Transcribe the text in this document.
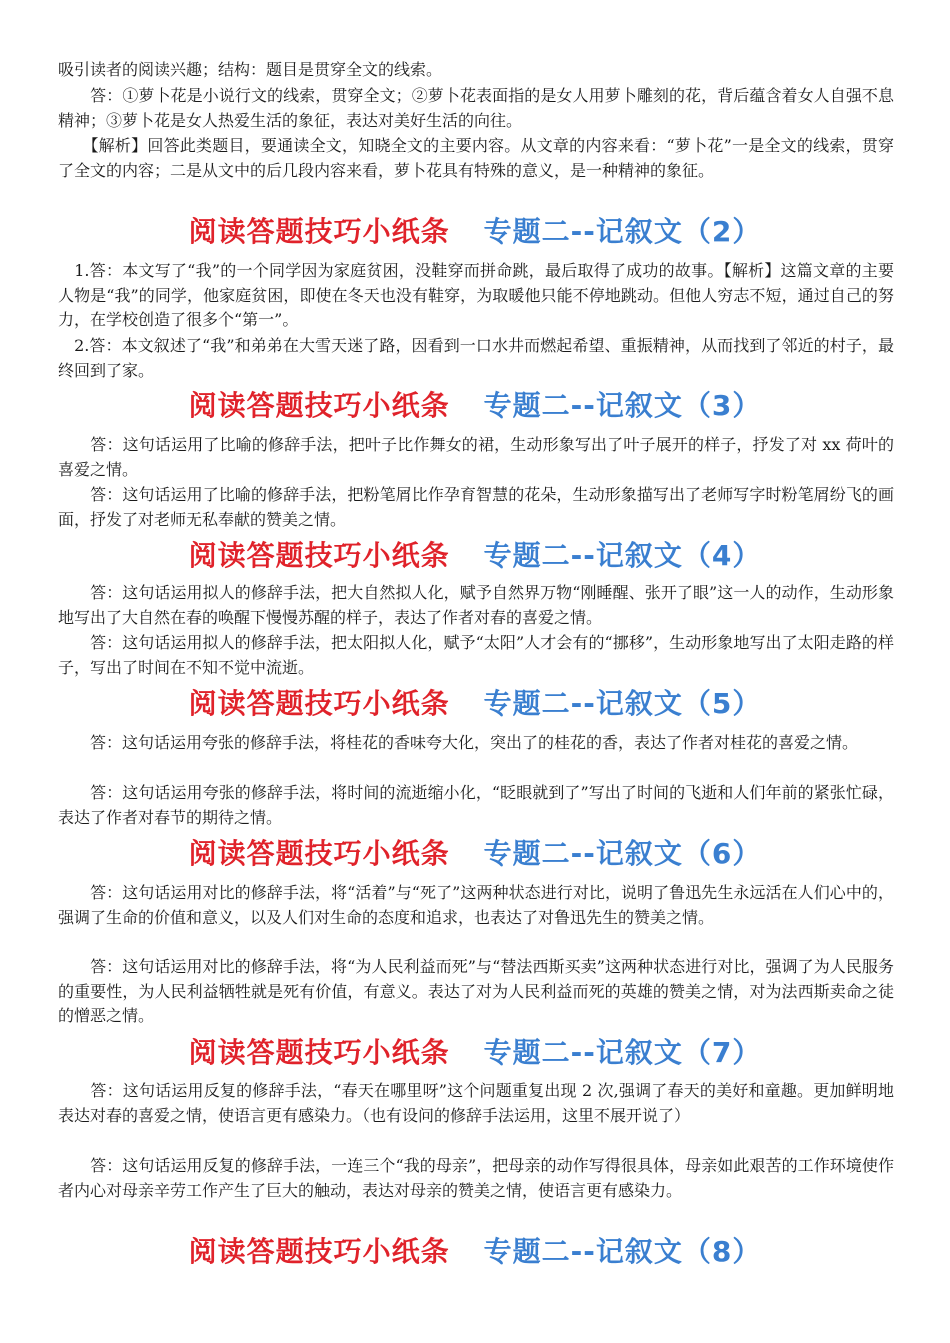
吸引读者的阅读兴趣；结构：题目是贯穿全文的线索。

　　答：①萝卜花是小说行文的线索，贯穿全文；②萝卜花表面指的是女人用萝卜雕刻的花，背后蕴含着女人自强不息精神；③萝卜花是女人热爱生活的象征，表达对美好生活的向往。

　　【解析】回答此类题目，要通读全文，知晓全文的主要内容。从文章的内容来看：“萝卜花”一是全文的线索，贯穿了全文的内容；二是从文中的后几段内容来看，萝卜花具有特殊的意义，是一种精神的象征。

阅读答题技巧小纸条 专题二--记叙文（2）

　1.答：本文写了“我”的一个同学因为家庭贫困，没鞋穿而拼命跳，最后取得了成功的故事。【解析】这篇文章的主要人物是“我”的同学，他家庭贫困，即使在冬天也没有鞋穿，为取暖他只能不停地跳动。但他人穷志不短，通过自己的努力，在学校创造了很多个“第一”。

　2.答：本文叙述了“我”和弟弟在大雪天迷了路，因看到一口水井而燃起希望、重振精神，从而找到了邻近的村子，最终回到了家。

阅读答题技巧小纸条 专题二--记叙文（3）

　　答：这句话运用了比喻的修辞手法，把叶子比作舞女的裙，生动形象写出了叶子展开的样子，抒发了对 xx 荷叶的喜爱之情。

　　答：这句话运用了比喻的修辞手法，把粉笔屑比作孕育智慧的花朵，生动形象描写出了老师写字时粉笔屑纷飞的画面，抒发了对老师无私奉献的赞美之情。

阅读答题技巧小纸条 专题二--记叙文（4）

　　答：这句话运用拟人的修辞手法，把大自然拟人化，赋予自然界万物“刚睡醒、张开了眼”这一人的动作，生动形象地写出了大自然在春的唤醒下慢慢苏醒的样子，表达了作者对春的喜爱之情。

　　答：这句话运用拟人的修辞手法，把太阳拟人化，赋予“太阳”人才会有的“挪移”，生动形象地写出了太阳走路的样子，写出了时间在不知不觉中流逝。

阅读答题技巧小纸条 专题二--记叙文（5）

　　答：这句话运用夸张的修辞手法，将桂花的香味夸大化，突出了的桂花的香，表达了作者对桂花的喜爱之情。

　　答：这句话运用夸张的修辞手法，将时间的流逝缩小化，“眨眼就到了”写出了时间的飞逝和人们年前的紧张忙碌，表达了作者对春节的期待之情。

阅读答题技巧小纸条 专题二--记叙文（6）

　　答：这句话运用对比的修辞手法，将“活着”与“死了”这两种状态进行对比，说明了鲁迅先生永远活在人们心中的，强调了生命的价值和意义，以及人们对生命的态度和追求，也表达了对鲁迅先生的赞美之情。

　　答：这句话运用对比的修辞手法，将“为人民利益而死”与“替法西斯买卖”这两种状态进行对比，强调了为人民服务的重要性，为人民利益牺牲就是死有价值，有意义。表达了对为人民利益而死的英雄的赞美之情，对为法西斯卖命之徒的憎恶之情。

阅读答题技巧小纸条 专题二--记叙文（7）

　　答：这句话运用反复的修辞手法，“春天在哪里呀”这个问题重复出现 2 次,强调了春天的美好和童趣。更加鲜明地表达对春的喜爱之情，使语言更有感染力。（也有设问的修辞手法运用，这里不展开说了）

　　答：这句话运用反复的修辞手法，一连三个“我的母亲”，把母亲的动作写得很具体，母亲如此艰苦的工作环境使作者内心对母亲辛劳工作产生了巨大的触动，表达对母亲的赞美之情，使语言更有感染力。

阅读答题技巧小纸条 专题二--记叙文（8）
